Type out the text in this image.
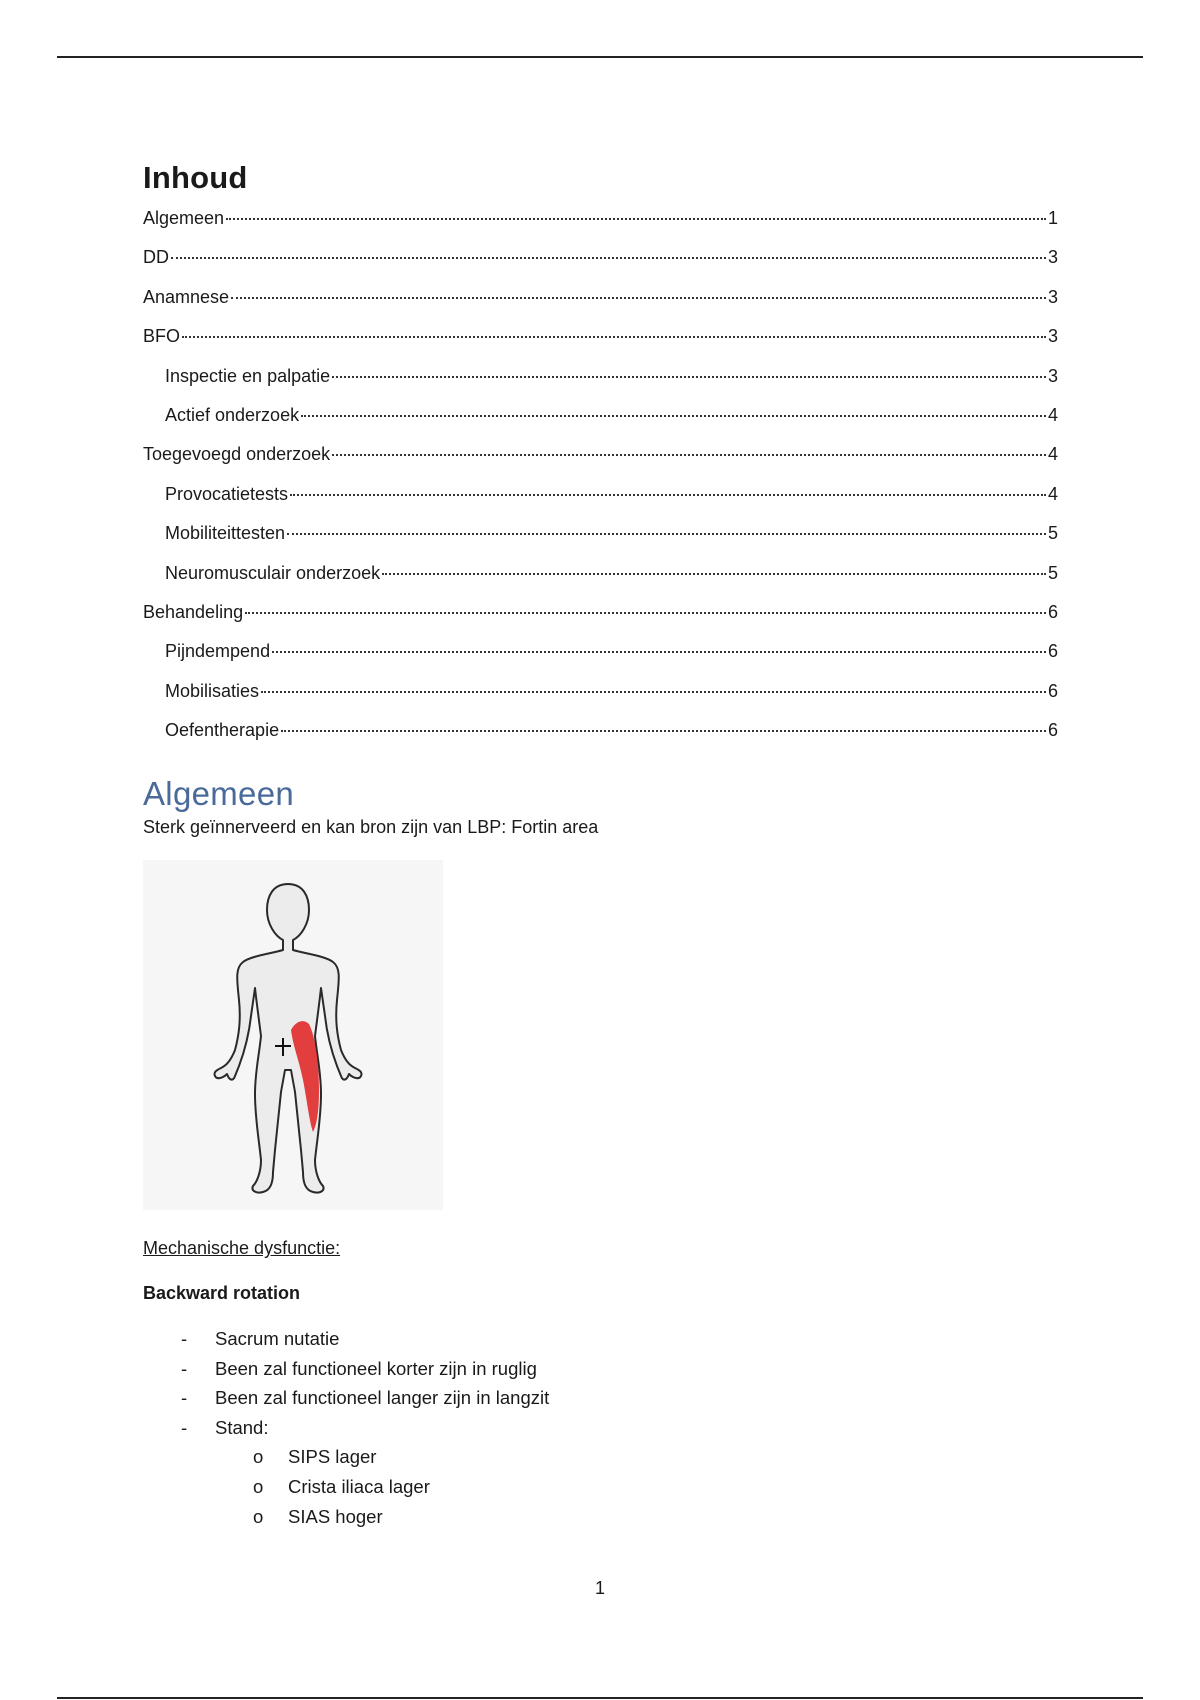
Inhoud
Algemeen	1
DD	3
Anamnese	3
BFO	3
Inspectie en palpatie	3
Actief onderzoek	4
Toegevoegd onderzoek	4
Provocatietests	4
Mobiliteittesten	5
Neuromusculair onderzoek	5
Behandeling	6
Pijndempend	6
Mobilisaties	6
Oefentherapie	6
Algemeen
Sterk geïnnerveerd en kan bron zijn van LBP: Fortin area
Mechanische dysfunctie:
Backward rotation
- Sacrum nutatie
- Been zal functioneel korter zijn in ruglig
- Been zal functioneel langer zijn in langzit
- Stand:
o SIPS lager
o Crista iliaca lager
o SIAS hoger
1
